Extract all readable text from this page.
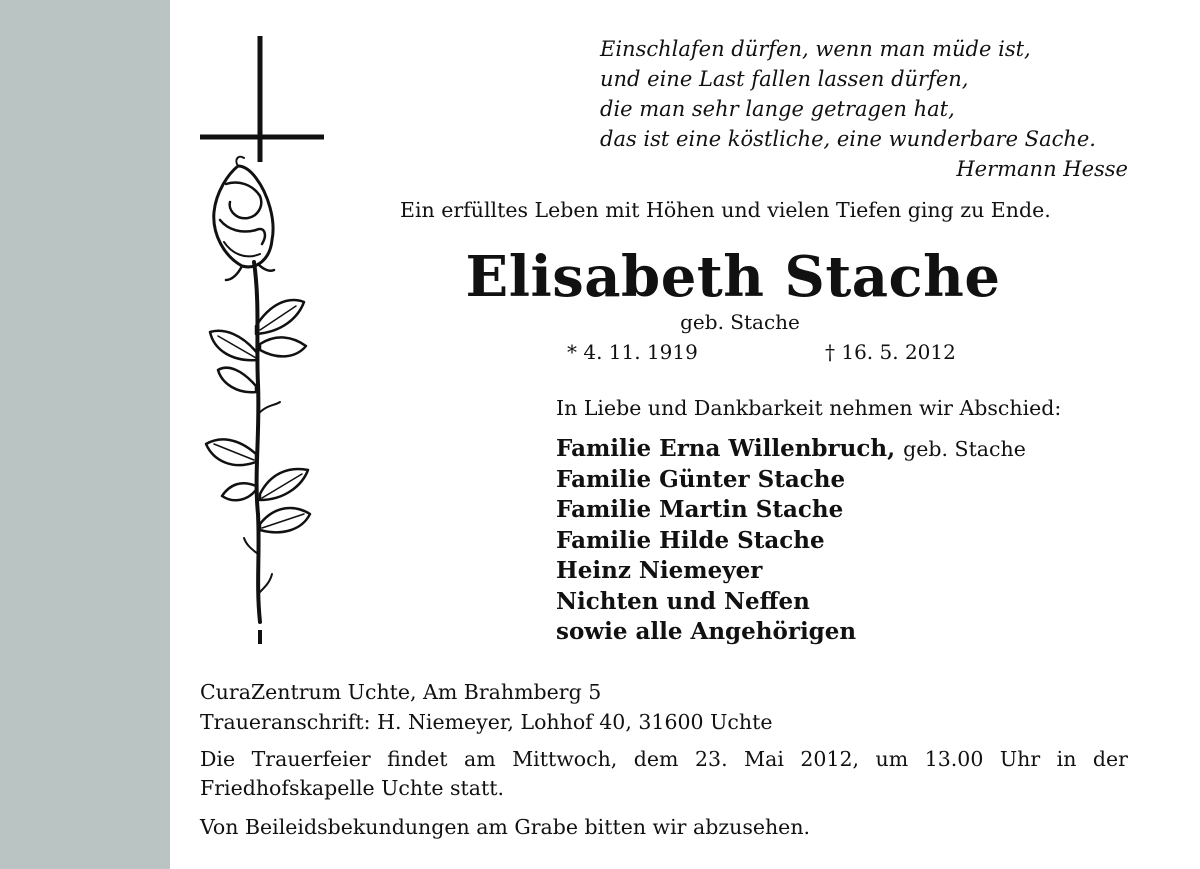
Einschlafen dürfen, wenn man müde ist,
und eine Last fallen lassen dürfen,
die man sehr lange getragen hat,
das ist eine köstliche, eine wunderbare Sache.
Hermann Hesse
Ein erfülltes Leben mit Höhen und vielen Tiefen ging zu Ende.
Elisabeth Stache
geb. Stache
* 4. 11. 1919	† 16. 5. 2012
In Liebe und Dankbarkeit nehmen wir Abschied:
Familie Erna Willenbruch, geb. Stache
Familie Günter Stache
Familie Martin Stache
Familie Hilde Stache
Heinz Niemeyer
Nichten und Neffen
sowie alle Angehörigen
CuraZentrum Uchte, Am Brahmberg 5
Traueranschrift: H. Niemeyer, Lohhof 40, 31600 Uchte
Die Trauerfeier findet am Mittwoch, dem 23. Mai 2012, um 13.00 Uhr in der
Friedhofskapelle Uchte statt.
Von Beileidsbekundungen am Grabe bitten wir abzusehen.
